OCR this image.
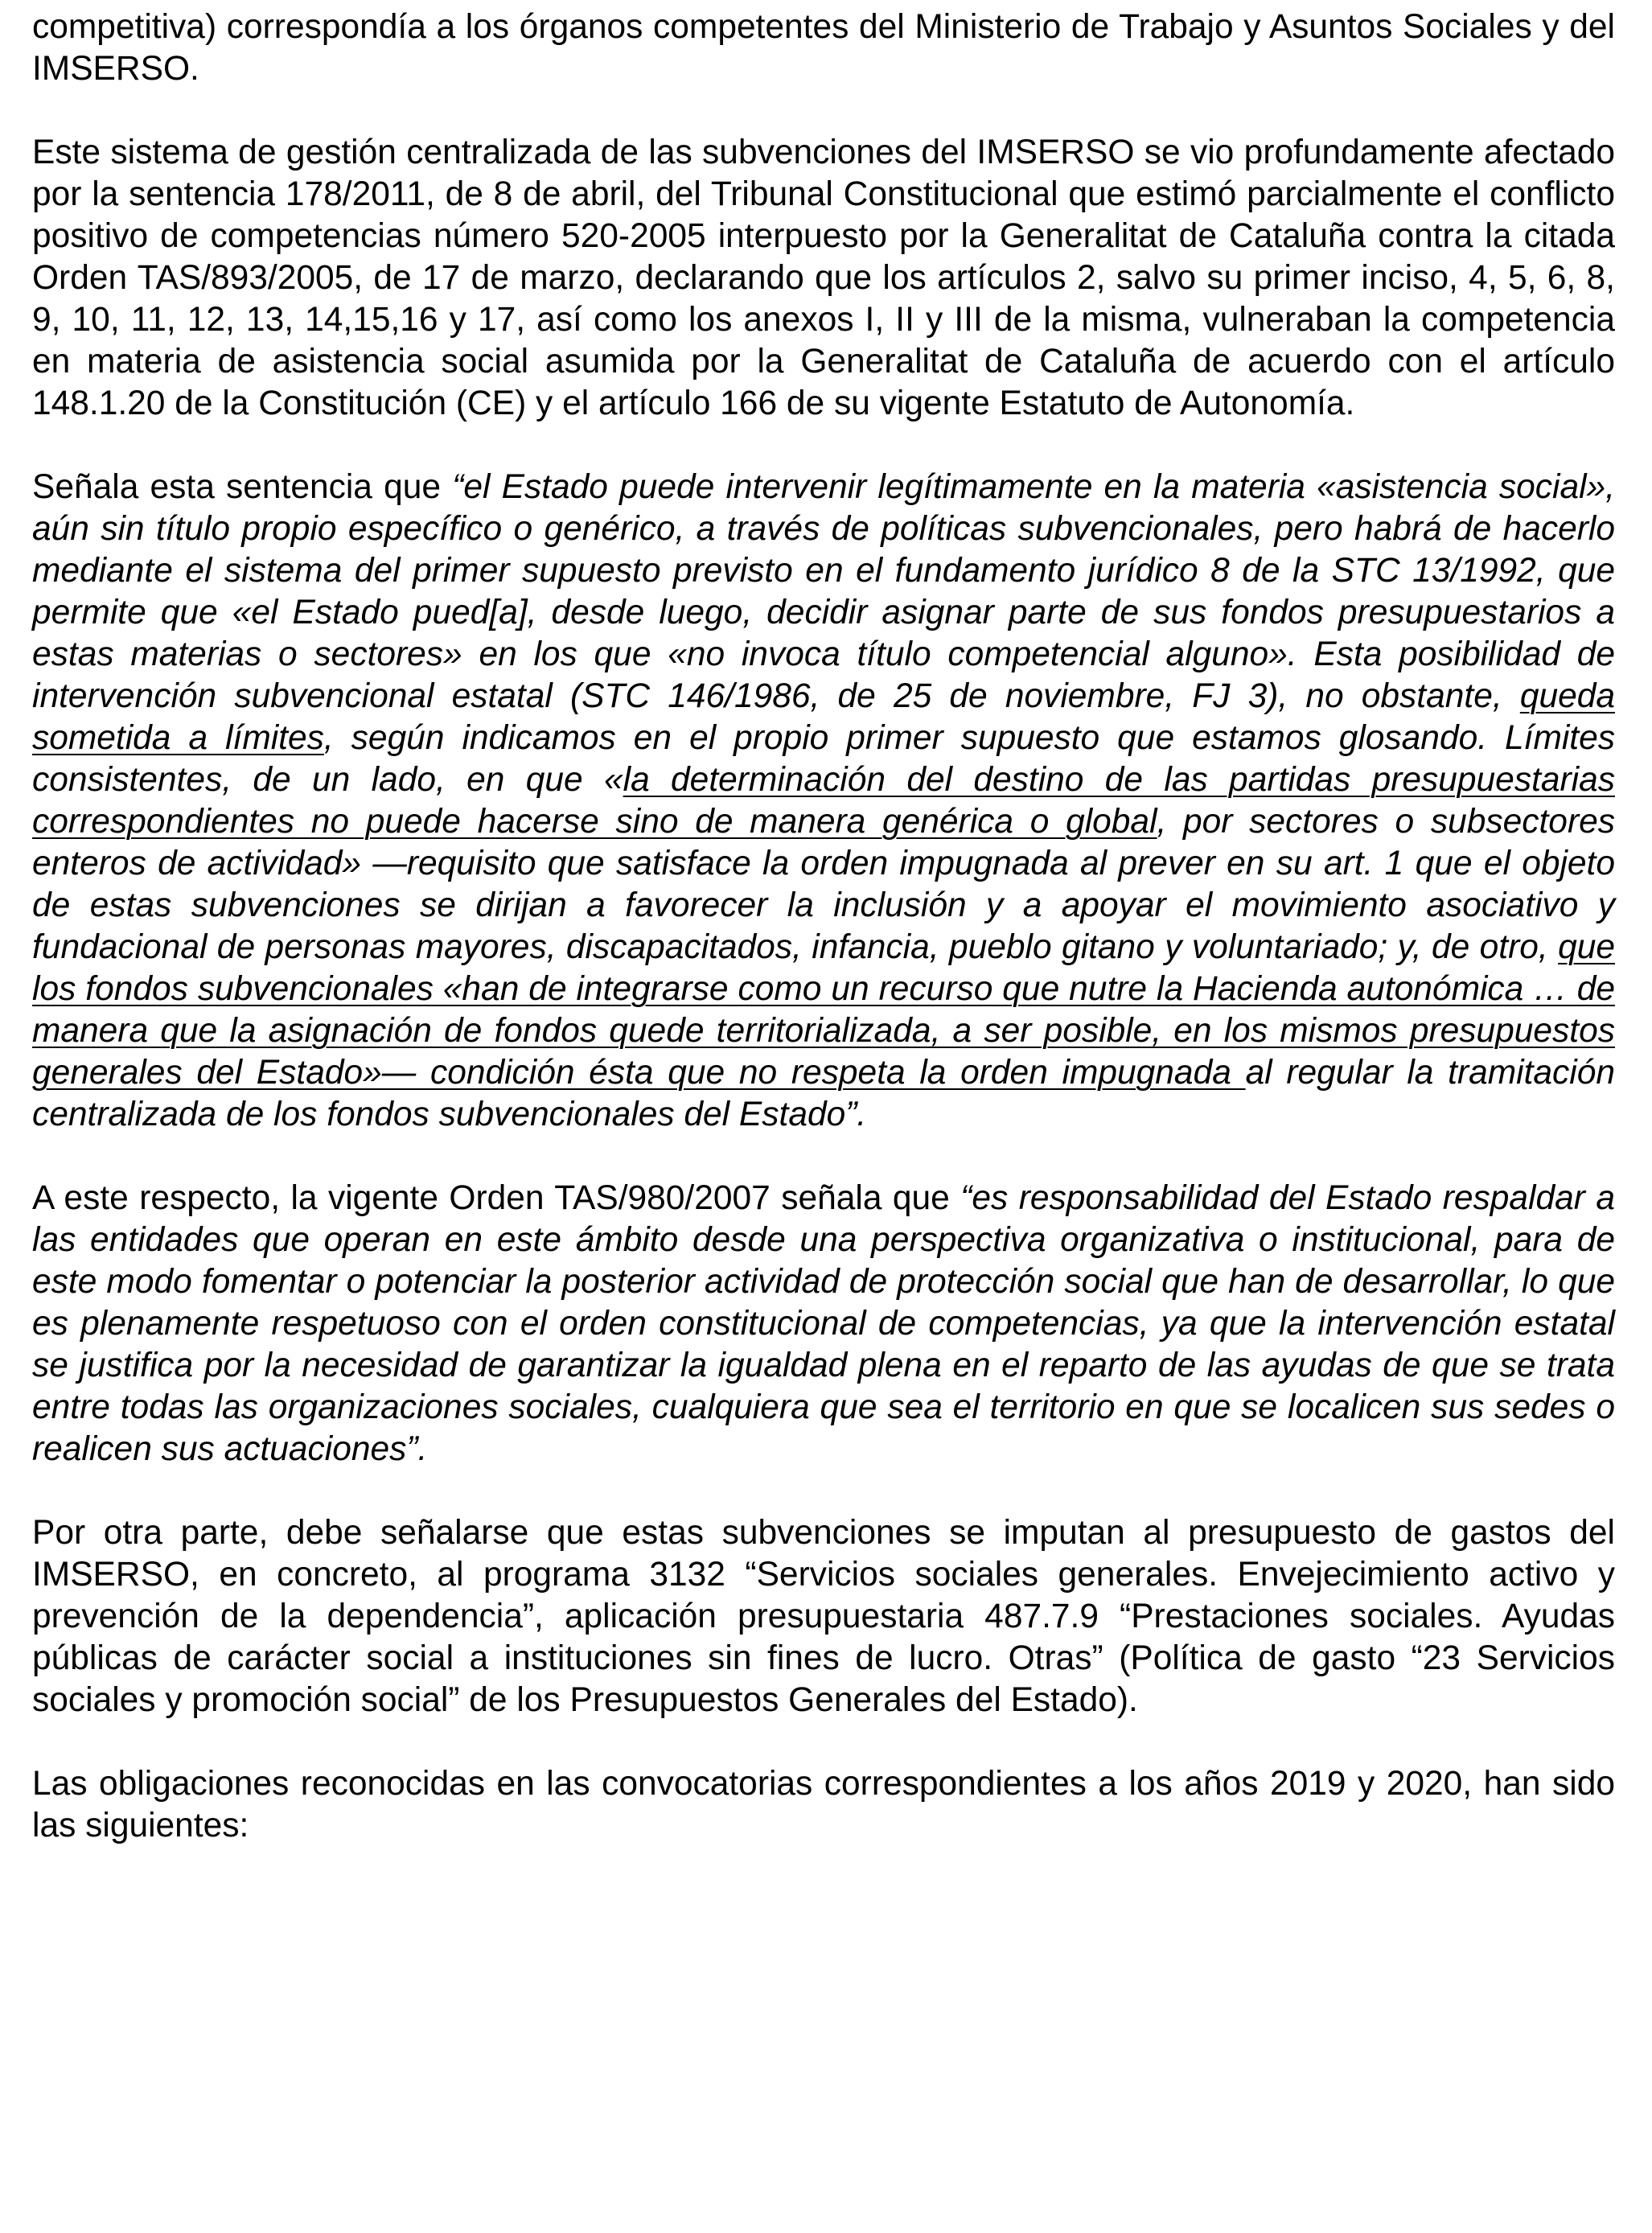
competitiva) correspondía a los órganos competentes del Ministerio de Trabajo y Asuntos Sociales y del IMSERSO.

Este sistema de gestión centralizada de las subvenciones del IMSERSO se vio profundamente afectado por la sentencia 178/2011, de 8 de abril, del Tribunal Constitucional que estimó parcialmente el conflicto positivo de competencias número 520-2005 interpuesto por la Generalitat de Cataluña contra la citada Orden TAS/893/2005, de 17 de marzo, declarando que los artículos 2, salvo su primer inciso, 4, 5, 6, 8, 9, 10, 11, 12, 13, 14,15,16 y 17, así como los anexos I, II y III de la misma, vulneraban la competencia en materia de asistencia social asumida por la Generalitat de Cataluña de acuerdo con el artículo 148.1.20 de la Constitución (CE) y el artículo 166 de su vigente Estatuto de Autonomía.

Señala esta sentencia que “el Estado puede intervenir legítimamente en la materia «asistencia social», aún sin título propio específico o genérico, a través de políticas subvencionales, pero habrá de hacerlo mediante el sistema del primer supuesto previsto en el fundamento jurídico 8 de la STC 13/1992, que permite que «el Estado pued[a], desde luego, decidir asignar parte de sus fondos presupuestarios a estas materias o sectores» en los que «no invoca título competencial alguno». Esta posibilidad de intervención subvencional estatal (STC 146/1986, de 25 de noviembre, FJ 3), no obstante, queda sometida a límites, según indicamos en el propio primer supuesto que estamos glosando. Límites consistentes, de un lado, en que «la determinación del destino de las partidas presupuestarias correspondientes no puede hacerse sino de manera genérica o global, por sectores o subsectores enteros de actividad» —requisito que satisface la orden impugnada al prever en su art. 1 que el objeto de estas subvenciones se dirijan a favorecer la inclusión y a apoyar el movimiento asociativo y fundacional de personas mayores, discapacitados, infancia, pueblo gitano y voluntariado; y, de otro, que los fondos subvencionales «han de integrarse como un recurso que nutre la Hacienda autonómica … de manera que la asignación de fondos quede territorializada, a ser posible, en los mismos presupuestos generales del Estado»— condición ésta que no respeta la orden impugnada al regular la tramitación centralizada de los fondos subvencionales del Estado”.

A este respecto, la vigente Orden TAS/980/2007 señala que “es responsabilidad del Estado respaldar a las entidades que operan en este ámbito desde una perspectiva organizativa o institucional, para de este modo fomentar o potenciar la posterior actividad de protección social que han de desarrollar, lo que es plenamente respetuoso con el orden constitucional de competencias, ya que la intervención estatal se justifica por la necesidad de garantizar la igualdad plena en el reparto de las ayudas de que se trata entre todas las organizaciones sociales, cualquiera que sea el territorio en que se localicen sus sedes o realicen sus actuaciones”.

Por otra parte, debe señalarse que estas subvenciones se imputan al presupuesto de gastos del IMSERSO, en concreto, al programa 3132 “Servicios sociales generales. Envejecimiento activo y prevención de la dependencia”, aplicación presupuestaria 487.7.9 “Prestaciones sociales. Ayudas públicas de carácter social a instituciones sin fines de lucro. Otras” (Política de gasto “23 Servicios sociales y promoción social” de los Presupuestos Generales del Estado).

Las obligaciones reconocidas en las convocatorias correspondientes a los años 2019 y 2020, han sido las siguientes:
